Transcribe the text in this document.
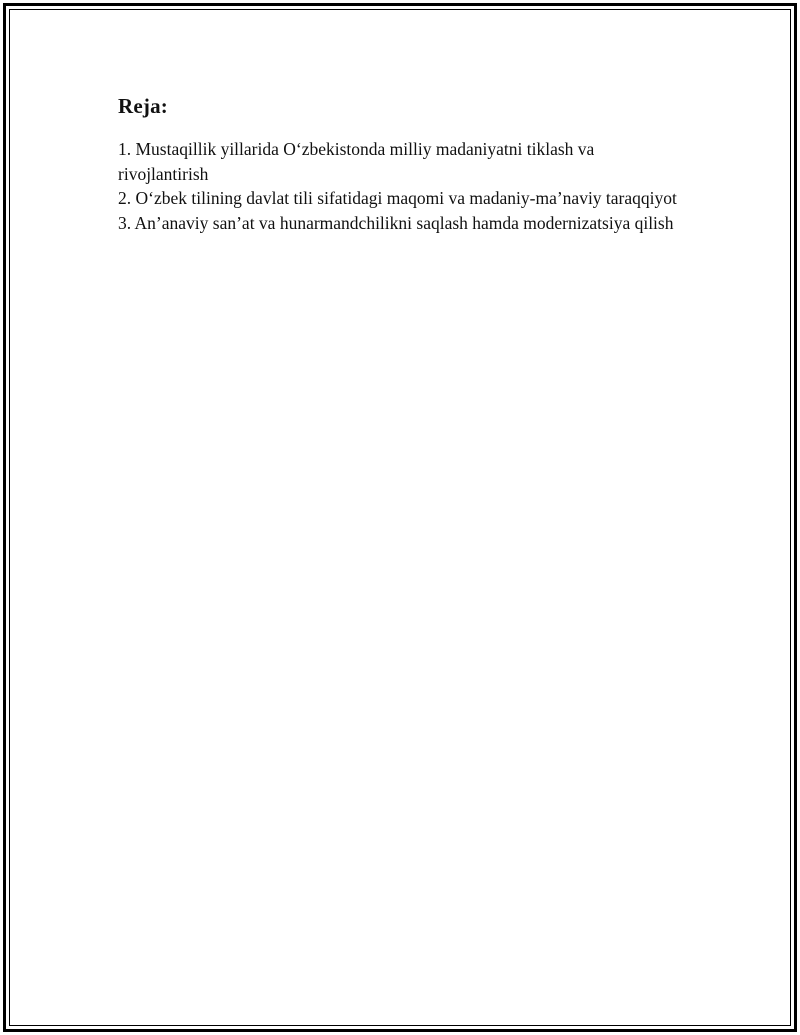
Reja:
1. Mustaqillik yillarida O‘zbekistonda milliy madaniyatni tiklash va rivojlantirish
2. O‘zbek tilining davlat tili sifatidagi maqomi va madaniy-ma’naviy taraqqiyot
3. An’anaviy san’at va hunarmandchilikni saqlash hamda modernizatsiya qilish
